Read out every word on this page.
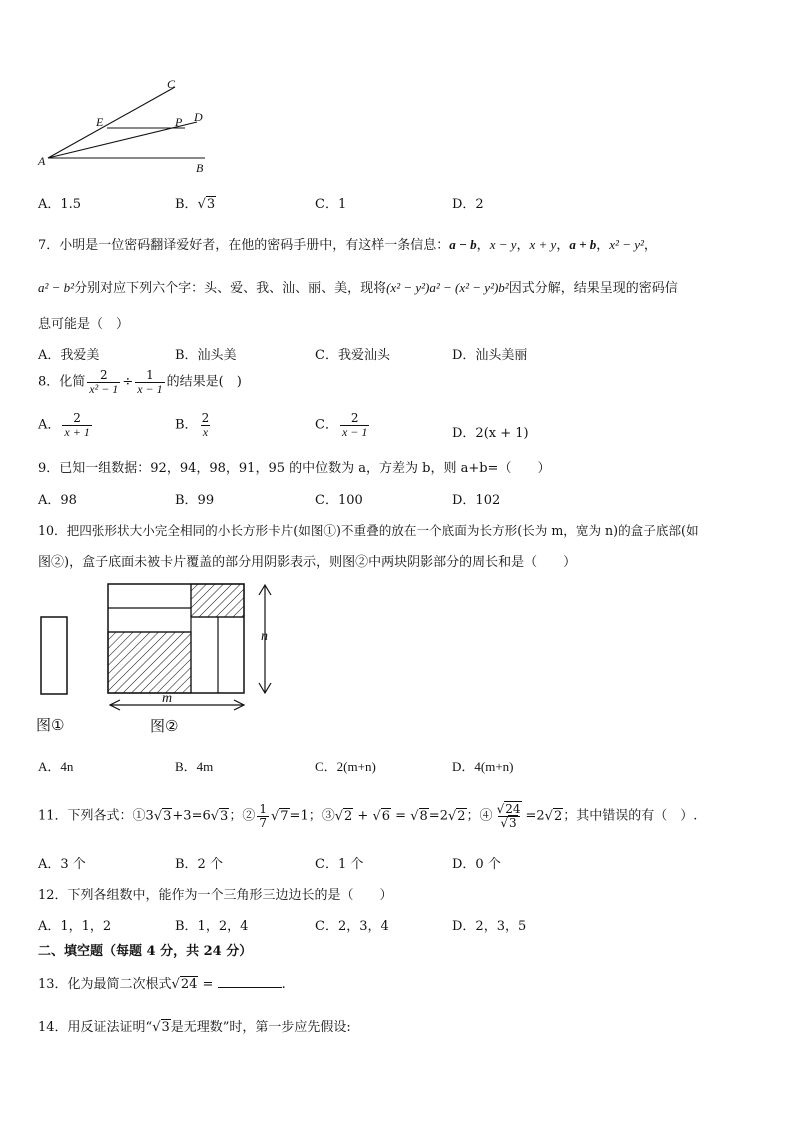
C
E	P D
A	B
A．1.5	B．√3	C．1	D．2
7．小明是一位密码翻译爱好者，在他的密码手册中，有这样一条信息：a − b，x − y，x + y，a + b，x² − y²，
a² − b²分别对应下列六个字：头、爱、我、汕、丽、美，现将(x² − y²)a² − (x² − y²)b²因式分解，结果呈现的密码信
息可能是（　）
A．我爱美	B．汕头美	C．我爱汕头	D．汕头美丽
8．化简 $\frac{2}{\text{x² − 1}} \div \frac{1}{x - 1}$ 的结果是(　)
A． $\frac{2}{x + 1}$	B． $\frac{2}{x}$	C． $\frac{2}{x - 1}$	D．2(x + 1)
9．已知一组数据：92，94，98，91，95 的中位数为 a，方差为 b，则 a+b=（　　）
A．98	B．99	C．100	D．102
10．把四张形状大小完全相同的小长方形卡片(如图①)不重叠的放在一个底面为长方形(长为 m，宽为 n)的盒子底部(如
图②)，盒子底面未被卡片覆盖的部分用阴影表示，则图②中两块阴影部分的周长和是（　　）
n
m
图①	图②
A．4n	B．4m	C．2(m+n)	D．4(m+n)
11．下列各式：①3√3+3=6√3；② $\frac{1}{7} √7=1$；③√2 + √6 = √8=2√2；④ $\frac{√24}{√3} =2√2$；其中错误的有（　）.
A．3 个	B．2 个	C．1 个	D．0 个
12．下列各组数中，能作为一个三角形三边边长的是（　　）
A．1，1，2	B．1，2，4	C．2，3，4	D．2，3，5
二、填空题（每题 4 分，共 24 分）
13．化为最简二次根式√24 =	.
14．用反证法证明“√3是无理数”时，第一步应先假设:
